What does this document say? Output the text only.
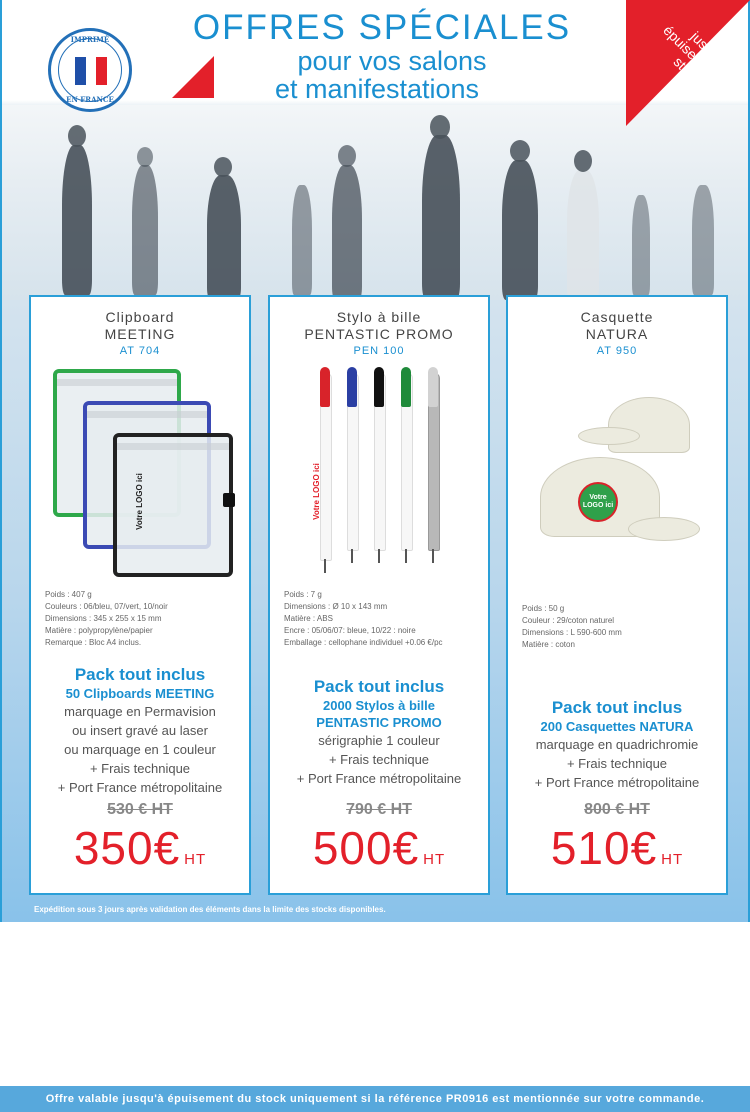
IMPRIMÉ
EN FRANCE
OFFRES SPÉCIALES
pour vos salons
et manifestations
jusqu'à épuisement du stock
Clipboard
MEETING
AT 704
Votre LOGO ici
Poids : 407 g
Couleurs : 06/bleu, 07/vert, 10/noir
Dimensions : 345 x 255 x 15 mm
Matière : polypropylène/papier
Remarque : Bloc A4 inclus.
Pack tout inclus
50 Clipboards MEETING
marquage en Permavision
ou insert gravé au laser
ou marquage en 1 couleur
+ Frais technique
+ Port France métropolitaine
530 € HT
350€ HT
Stylo à bille
PENTASTIC PROMO
PEN 100
Votre LOGO ici
Poids : 7 g
Dimensions : Ø 10 x 143 mm
Matière : ABS
Encre : 05/06/07: bleue, 10/22 : noire
Emballage : cellophane individuel +0.06 €/pc
Pack tout inclus
2000 Stylos à bille
PENTASTIC PROMO
sérigraphie 1 couleur
+ Frais technique
+ Port France métropolitaine
790 € HT
500€ HT
Casquette
NATURA
AT 950
Votre LOGO ici
Poids : 50 g
Couleur : 29/coton naturel
Dimensions : L 590-600 mm
Matière : coton
Pack tout inclus
200 Casquettes NATURA
marquage en quadrichromie
+ Frais technique
+ Port France métropolitaine
800 € HT
510€ HT
Expédition sous 3 jours après validation des éléments dans la limite des stocks disponibles.
Offre valable jusqu'à épuisement du stock uniquement si la référence PR0916 est mentionnée sur votre commande.
